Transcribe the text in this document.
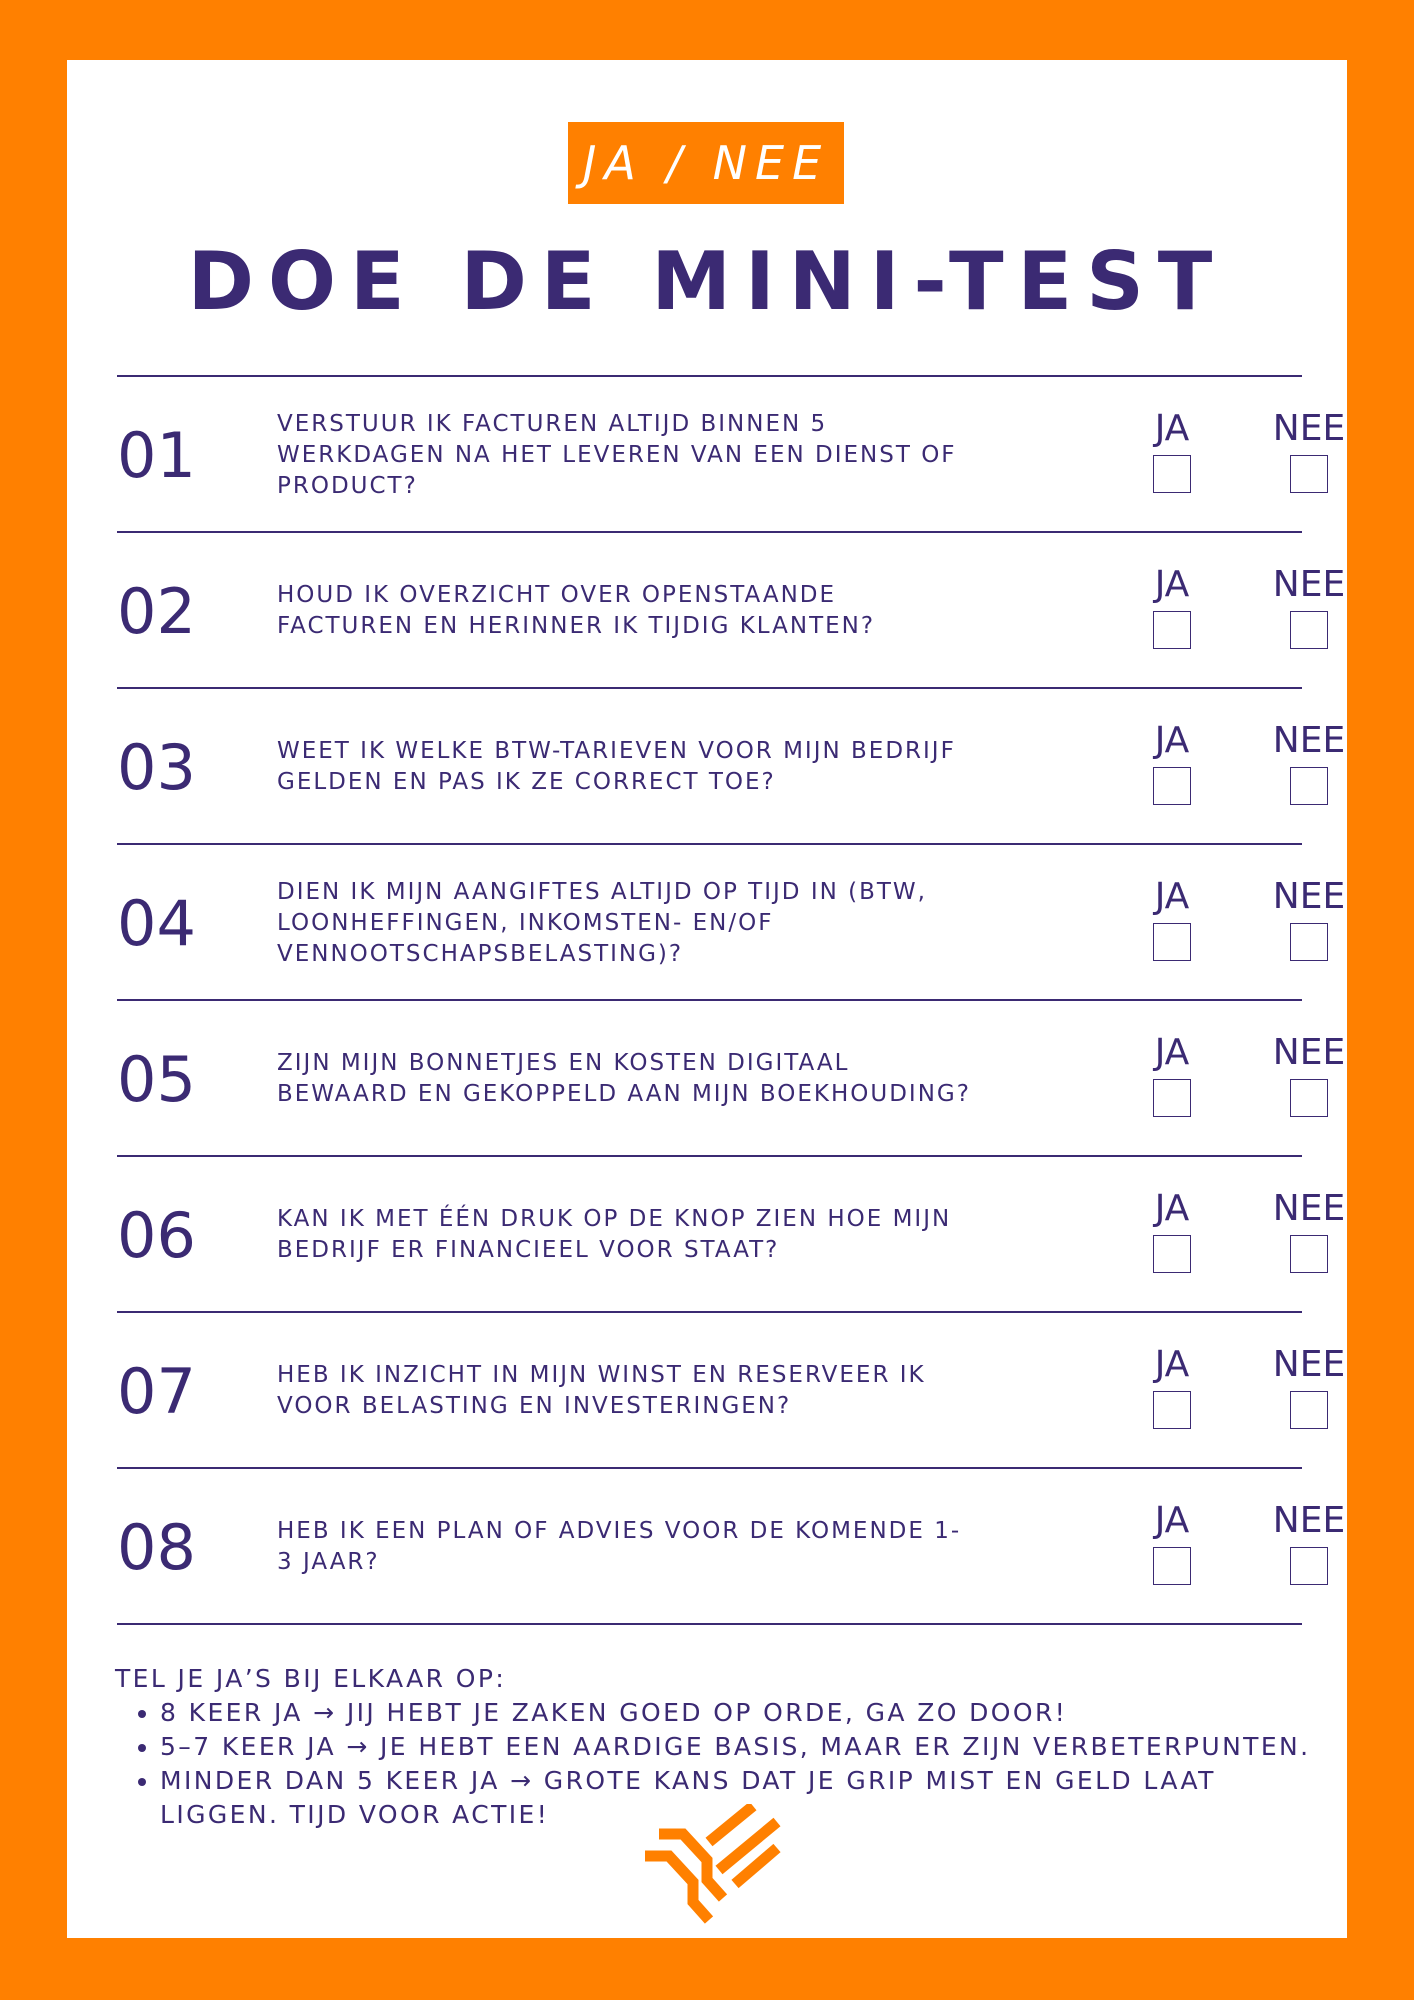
JA / NEE
DOE DE MINI-TEST
01	VERSTUUR IK FACTUREN ALTIJD BINNEN 5 WERKDAGEN NA HET LEVEREN VAN EEN DIENST OF PRODUCT?
JA NEE
02	HOUD IK OVERZICHT OVER OPENSTAANDE FACTUREN EN HERINNER IK TIJDIG KLANTEN?
JA NEE
03	WEET IK WELKE BTW-TARIEVEN VOOR MIJN BEDRIJF GELDEN EN PAS IK ZE CORRECT TOE?
JA NEE
04	DIEN IK MIJN AANGIFTES ALTIJD OP TIJD IN (BTW, LOONHEFFINGEN, INKOMSTEN- EN/OF VENNOOTSCHAPSBELASTING)?
JA NEE
05	ZIJN MIJN BONNETJES EN KOSTEN DIGITAAL BEWAARD EN GEKOPPELD AAN MIJN BOEKHOUDING?
JA NEE
06	KAN IK MET ÉÉN DRUK OP DE KNOP ZIEN HOE MIJN BEDRIJF ER FINANCIEEL VOOR STAAT?
JA NEE
07	HEB IK INZICHT IN MIJN WINST EN RESERVEER IK VOOR BELASTING EN INVESTERINGEN?
JA NEE
08	HEB IK EEN PLAN OF ADVIES VOOR DE KOMENDE 1-3 JAAR?
JA NEE
TEL JE JA’S BIJ ELKAAR OP:
• 8 KEER JA → JIJ HEBT JE ZAKEN GOED OP ORDE, GA ZO DOOR!
• 5–7 KEER JA → JE HEBT EEN AARDIGE BASIS, MAAR ER ZIJN VERBETERPUNTEN.
• MINDER DAN 5 KEER JA → GROTE KANS DAT JE GRIP MIST EN GELD LAAT LIGGEN. TIJD VOOR ACTIE!
